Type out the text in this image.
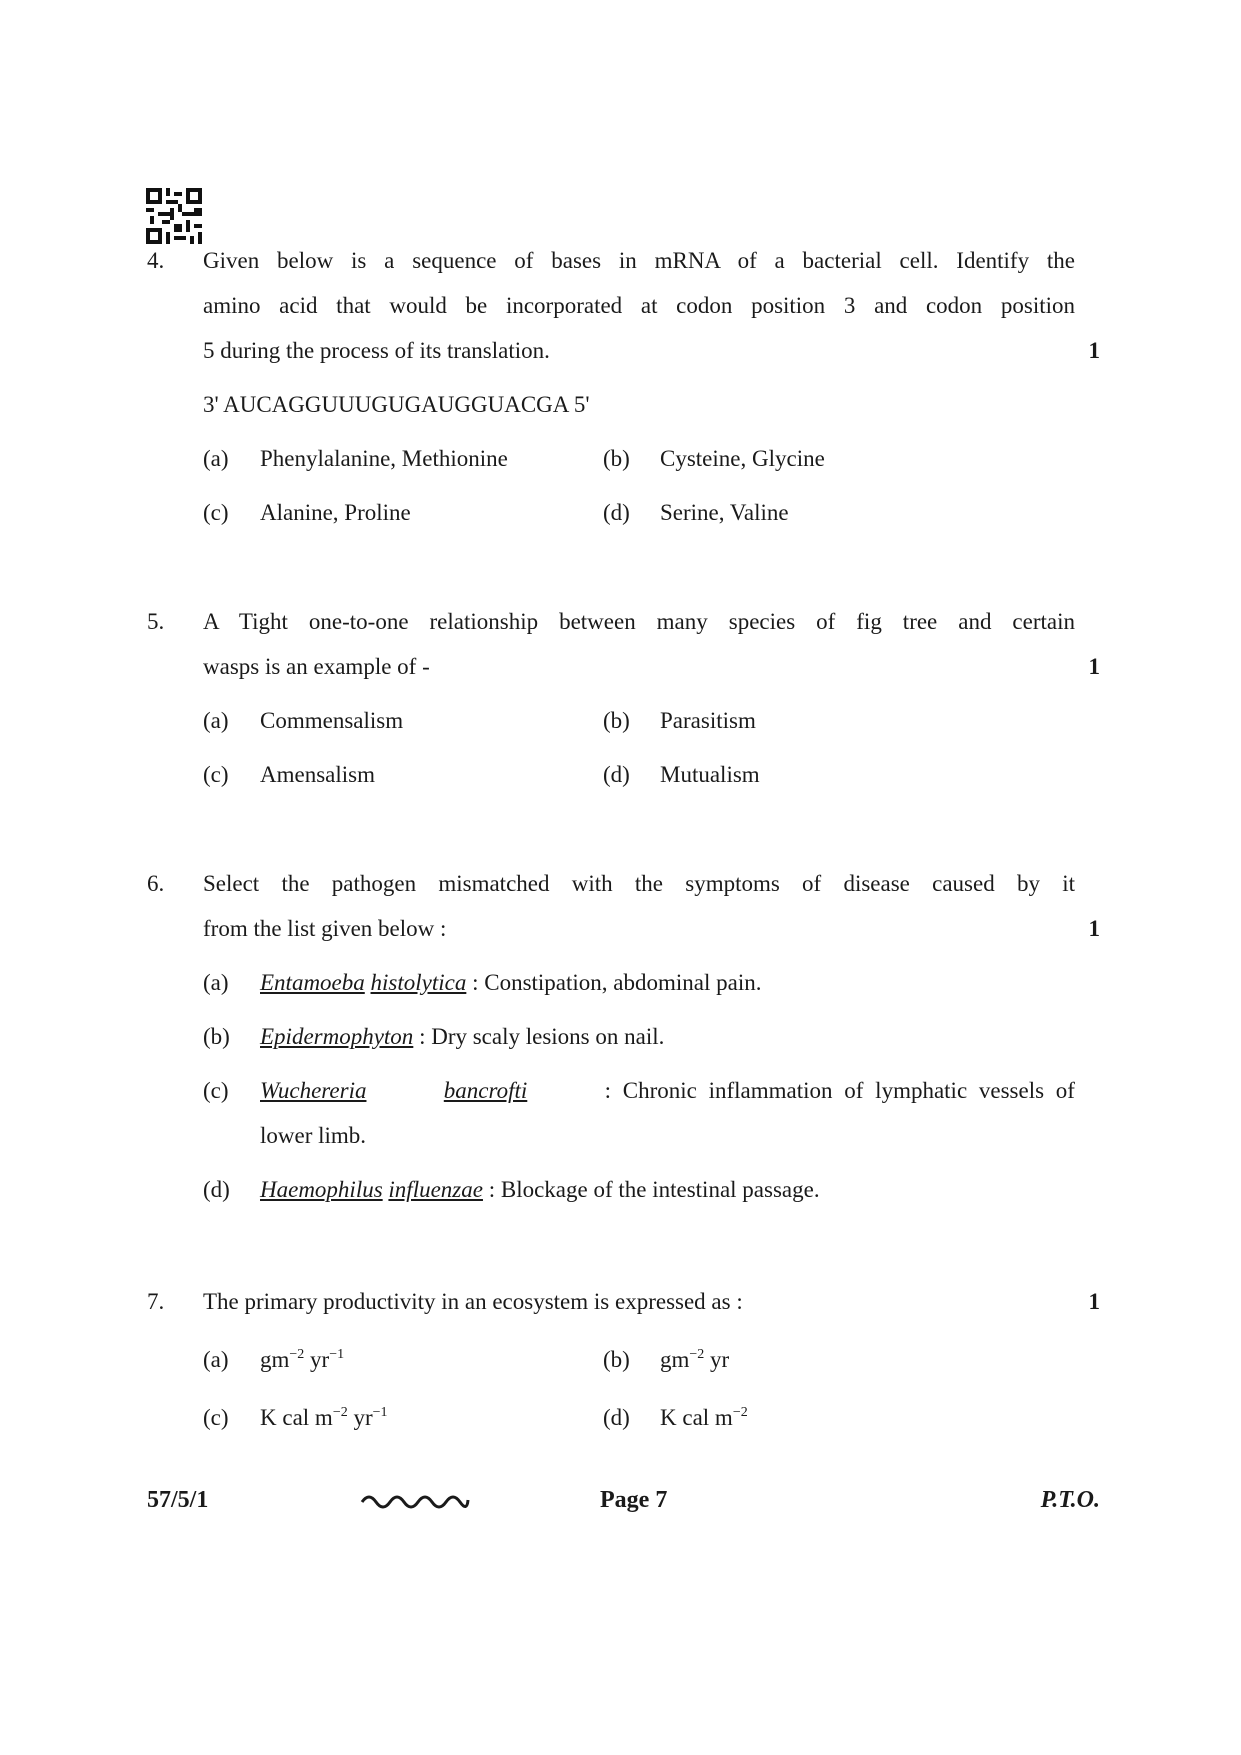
4. Given below is a sequence of bases in mRNA of a bacterial cell. Identify the
amino acid that would be incorporated at codon position 3 and codon position
5 during the process of its translation.	1
3' AUCAGGUUUGUGAUGGUACGA 5'
(a) Phenylalanine, Methionine	(b) Cysteine, Glycine
(c) Alanine, Proline	(d) Serine, Valine
5. A Tight one-to-one relationship between many species of fig tree and certain
wasps is an example of -	1
(a) Commensalism	(b) Parasitism
(c) Amensalism	(d) Mutualism
6. Select the pathogen mismatched with the symptoms of disease caused by it
from the list given below :	1
(a) Entamoeba histolytica : Constipation, abdominal pain.
(b) Epidermophyton : Dry scaly lesions on nail.
(c) Wuchereria	bancrofti	: Chronic inflammation of lymphatic vessels of
lower limb.
(d) Haemophilus influenzae : Blockage of the intestinal passage.
7. The primary productivity in an ecosystem is expressed as :	1
(a) $gm^{-2}$ $yr^{-1}$	(b) $gm^{-2}$ yr
(c) K cal $m^{-2}$ $yr^{-1}$	(d) K cal $m^{-2}$
57/5/1	Page 7	P.T.O.
